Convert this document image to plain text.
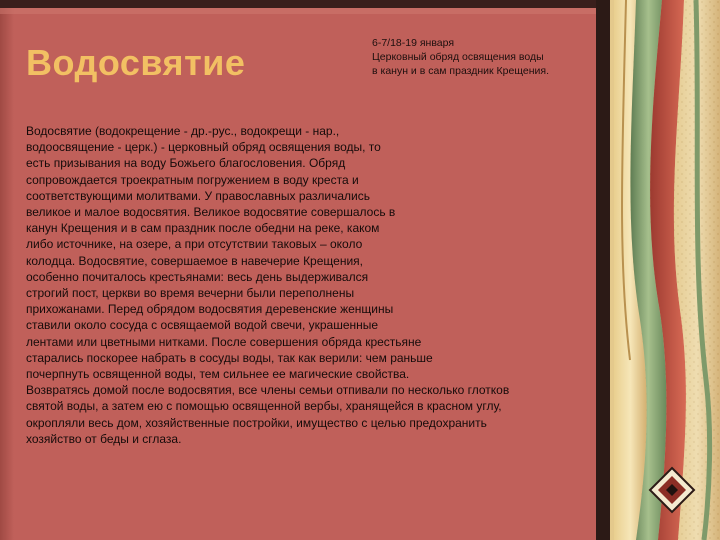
Водосвятие	6-7/18-19 января
Церковный обряд освящения воды
в канун и в сам праздник Крещения.
Водосвятие (водокрещение - др.-рус., водокрещи - нар.,
водоосвящение - церк.) - церковный обряд освящения воды, то
есть призывания на воду Божьего благословения. Обряд
сопровождается троекратным погружением в воду креста и
соответствующими молитвами. У православных различались
великое и малое водосвятия. Великое водосвятие совершалось в
канун Крещения и в сам праздник после обедни на реке, каком
либо источнике, на озере, а при отсутствии таковых – около
колодца. Водосвятие, совершаемое в навечерие Крещения,
особенно почиталось крестьянами: весь день выдерживался
строгий пост, церкви во время вечерни были переполнены
прихожанами. Перед обрядом водосвятия деревенские женщины
ставили около сосуда с освящаемой водой свечи, украшенные
лентами или цветными нитками. После совершения обряда крестьяне
старались поскорее набрать в сосуды воды, так как верили: чем раньше
почерпнуть освященной воды, тем сильнее ее магические свойства.
Возвратясь домой после водосвятия, все члены семьи отпивали по несколько глотков
святой воды, а затем ею с помощью освященной вербы, хранящейся в красном углу,
окропляли весь дом, хозяйственные постройки, имущество с целью предохранить
хозяйство от беды и сглаза.
